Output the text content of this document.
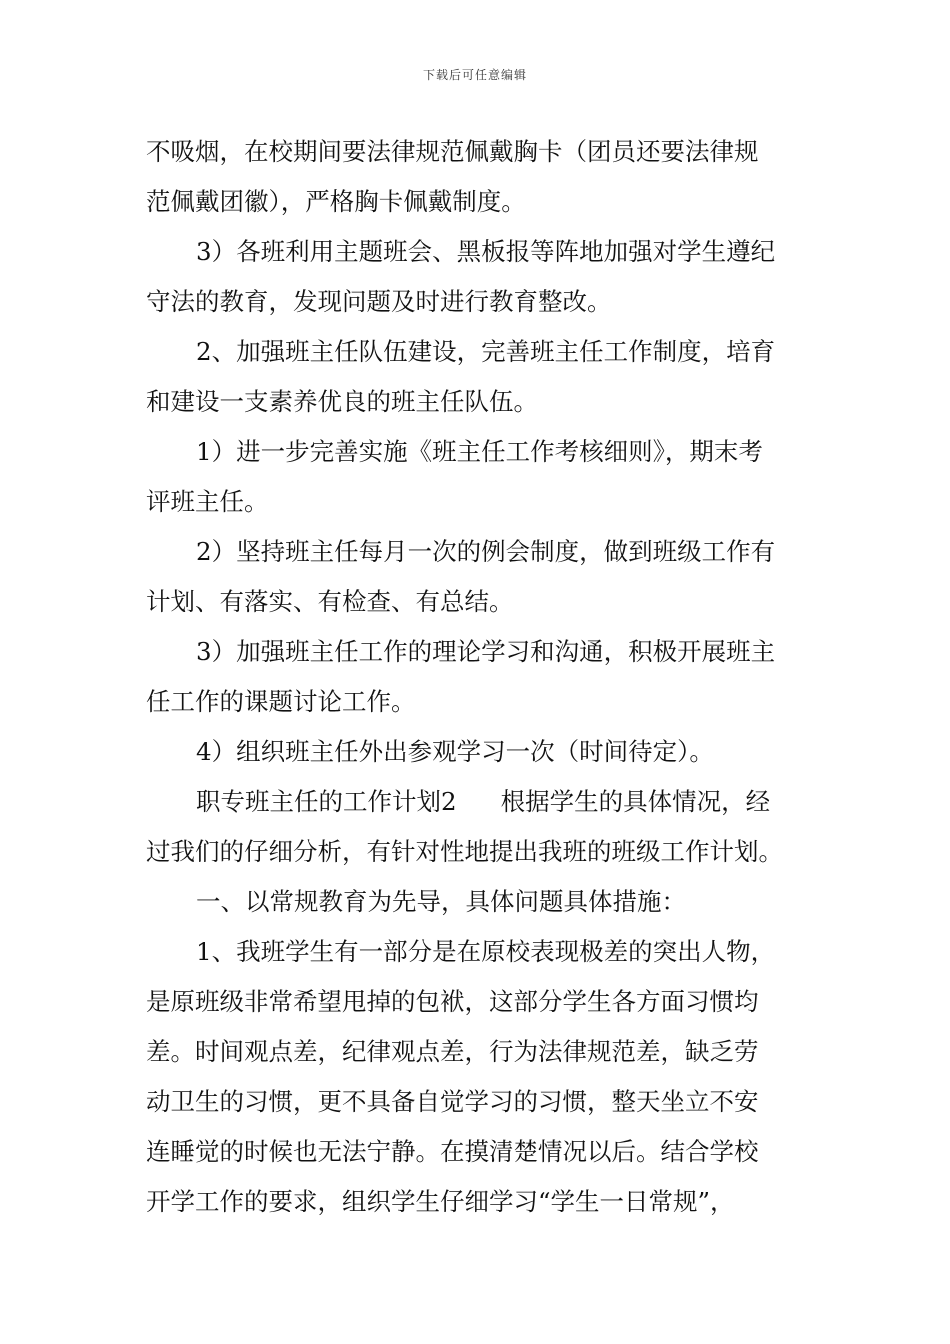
下载后可任意编辑
不吸烟，在校期间要法律规范佩戴胸卡（团员还要法律规
范佩戴团徽），严格胸卡佩戴制度。
3）各班利用主题班会、黑板报等阵地加强对学生遵纪
守法的教育，发现问题及时进行教育整改。
2、加强班主任队伍建设，完善班主任工作制度，培育
和建设一支素养优良的班主任队伍。
1）进一步完善实施《班主任工作考核细则》，期末考
评班主任。
2）坚持班主任每月一次的例会制度，做到班级工作有
计划、有落实、有检查、有总结。
3）加强班主任工作的理论学习和沟通，积极开展班主
任工作的课题讨论工作。
4）组织班主任外出参观学习一次（时间待定）。
职专班主任的工作计划2 根据学生的具体情况，经
过我们的仔细分析，有针对性地提出我班的班级工作计划。
一、以常规教育为先导，具体问题具体措施：
1、我班学生有一部分是在原校表现极差的突出人物，
是原班级非常希望甩掉的包袱，这部分学生各方面习惯均
差。时间观点差，纪律观点差，行为法律规范差，缺乏劳
动卫生的习惯，更不具备自觉学习的习惯，整天坐立不安
连睡觉的时候也无法宁静。在摸清楚情况以后。结合学校
开学工作的要求，组织学生仔细学习“学生一日常规”，
